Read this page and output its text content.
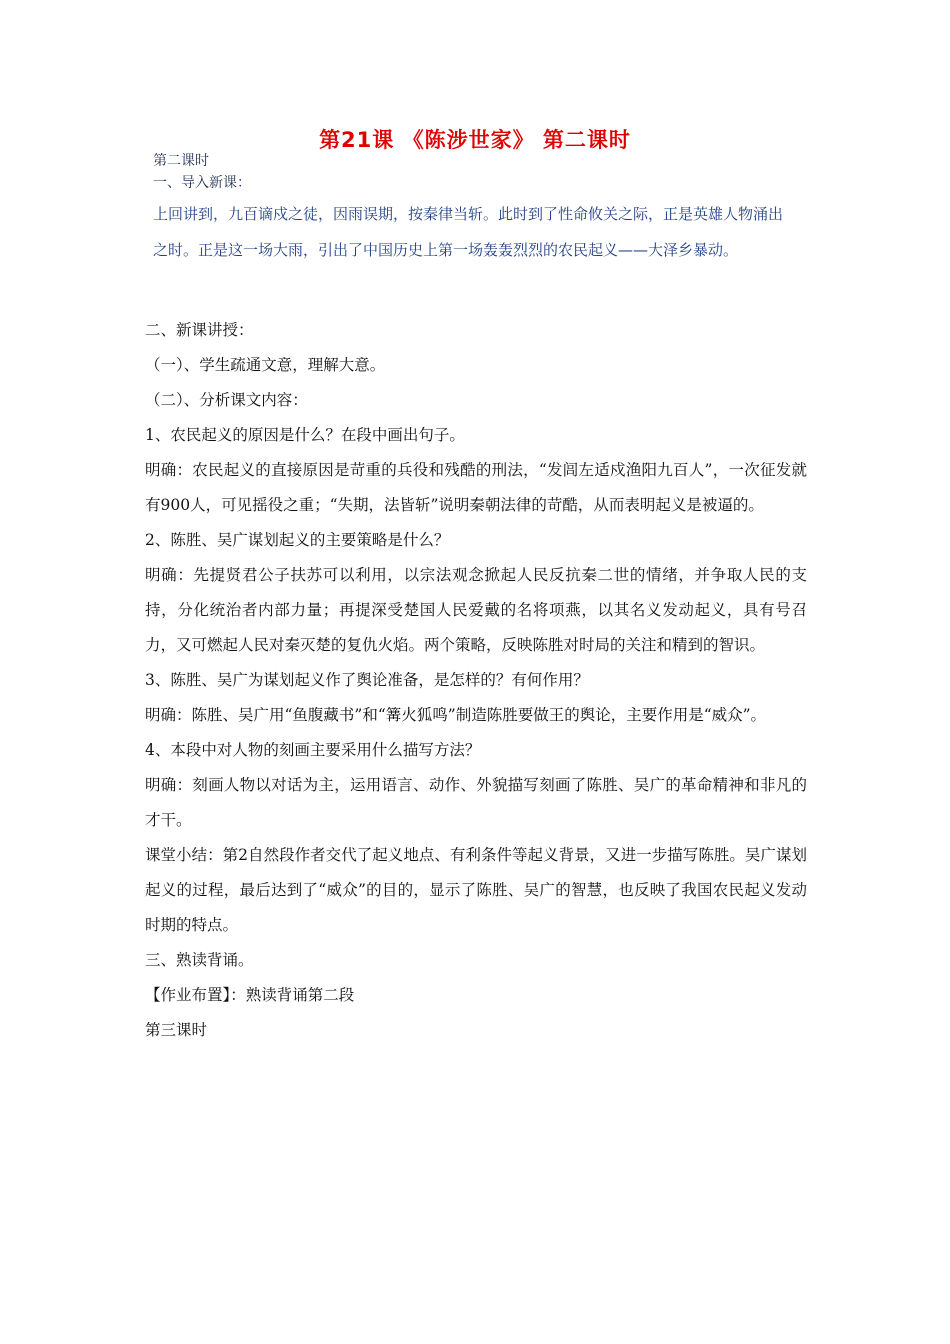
第21课 《陈涉世家》 第二课时
第二课时
一、导入新课：
上回讲到，九百谪戍之徒，因雨误期，按秦律当斩。此时到了性命攸关之际，正是英雄人物涌出之时。正是这一场大雨，引出了中国历史上第一场轰轰烈烈的农民起义——大泽乡暴动。
二、新课讲授：
（一）、学生疏通文意，理解大意。
（二）、分析课文内容：
1、农民起义的原因是什么？在段中画出句子。
明确：农民起义的直接原因是苛重的兵役和残酷的刑法，“发闾左适戍渔阳九百人”，一次征发就有900人，可见摇役之重；“失期，法皆斩”说明秦朝法律的苛酷，从而表明起义是被逼的。
2、陈胜、吴广谋划起义的主要策略是什么？
明确：先提贤君公子扶苏可以利用，以宗法观念掀起人民反抗秦二世的情绪，并争取人民的支持，分化统治者内部力量；再提深受楚国人民爱戴的名将项燕，以其名义发动起义，具有号召力，又可燃起人民对秦灭楚的复仇火焰。两个策略，反映陈胜对时局的关注和精到的智识。
3、陈胜、吴广为谋划起义作了舆论准备，是怎样的？有何作用？
明确：陈胜、吴广用“鱼腹藏书”和“篝火狐鸣”制造陈胜要做王的舆论，主要作用是“威众”。
4、本段中对人物的刻画主要采用什么描写方法？
明确：刻画人物以对话为主，运用语言、动作、外貌描写刻画了陈胜、吴广的革命精神和非凡的才干。
课堂小结：第2自然段作者交代了起义地点、有利条件等起义背景，又进一步描写陈胜。吴广谋划起义的过程，最后达到了“威众”的目的，显示了陈胜、吴广的智慧，也反映了我国农民起义发动时期的特点。
三、熟读背诵。
【作业布置】：熟读背诵第二段
第三课时
